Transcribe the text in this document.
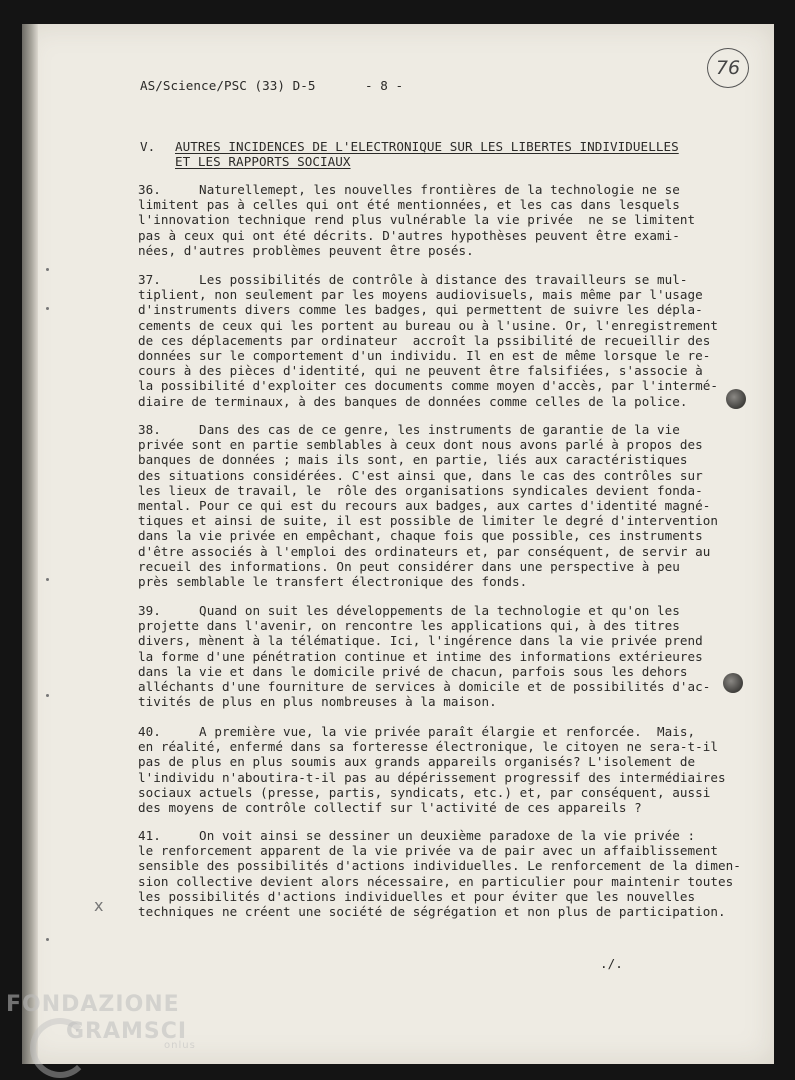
76
AS/Science/PSC (33) D-5	- 8 -
V. AUTRES INCIDENCES DE L'ELECTRONIQUE SUR LES LIBERTES INDIVIDUELLES
ET LES RAPPORTS SOCIAUX
36.     Naturellemept, les nouvelles frontières de la technologie ne se
limitent pas à celles qui ont été mentionnées, et les cas dans lesquels
l'innovation technique rend plus vulnérable la vie privée  ne se limitent
pas à ceux qui ont été décrits. D'autres hypothèses peuvent être exami-
nées, d'autres problèmes peuvent être posés.
37.     Les possibilités de contrôle à distance des travailleurs se mul-
tiplient, non seulement par les moyens audiovisuels, mais même par l'usage
d'instruments divers comme les badges, qui permettent de suivre les dépla-
cements de ceux qui les portent au bureau ou à l'usine. Or, l'enregistrement
de ces déplacements par ordinateur  accroît la pssibilité de recueillir des
données sur le comportement d'un individu. Il en est de même lorsque le re-
cours à des pièces d'identité, qui ne peuvent être falsifiées, s'associe à
la possibilité d'exploiter ces documents comme moyen d'accès, par l'intermé-
diaire de terminaux, à des banques de données comme celles de la police.
38.     Dans des cas de ce genre, les instruments de garantie de la vie
privée sont en partie semblables à ceux dont nous avons parlé à propos des
banques de données ; mais ils sont, en partie, liés aux caractéristiques
des situations considérées. C'est ainsi que, dans le cas des contrôles sur
les lieux de travail, le  rôle des organisations syndicales devient fonda-
mental. Pour ce qui est du recours aux badges, aux cartes d'identité magné-
tiques et ainsi de suite, il est possible de limiter le degré d'intervention
dans la vie privée en empêchant, chaque fois que possible, ces instruments
d'être associés à l'emploi des ordinateurs et, par conséquent, de servir au
recueil des informations. On peut considérer dans une perspective à peu
près semblable le transfert électronique des fonds.
39.     Quand on suit les développements de la technologie et qu'on les
projette dans l'avenir, on rencontre les applications qui, à des titres
divers, mènent à la télématique. Ici, l'ingérence dans la vie privée prend
la forme d'une pénétration continue et intime des informations extérieures
dans la vie et dans le domicile privé de chacun, parfois sous les dehors
alléchants d'une fourniture de services à domicile et de possibilités d'ac-
tivités de plus en plus nombreuses à la maison.
40.     A première vue, la vie privée paraît élargie et renforcée.  Mais,
en réalité, enfermé dans sa forteresse électronique, le citoyen ne sera-t-il
pas de plus en plus soumis aux grands appareils organisés? L'isolement de
l'individu n'aboutira-t-il pas au dépérissement progressif des intermédiaires
sociaux actuels (presse, partis, syndicats, etc.) et, par conséquent, aussi
des moyens de contrôle collectif sur l'activité de ces appareils ?
41.     On voit ainsi se dessiner un deuxième paradoxe de la vie privée :
le renforcement apparent de la vie privée va de pair avec un affaiblissement
sensible des possibilités d'actions individuelles. Le renforcement de la dimen-
sion collective devient alors nécessaire, en particulier pour maintenir toutes
les possibilités d'actions individuelles et pour éviter que les nouvelles
techniques ne créent une société de ségrégation et non plus de participation.
./.
x
FONDAZIONE
GRAMSCI
onlus
